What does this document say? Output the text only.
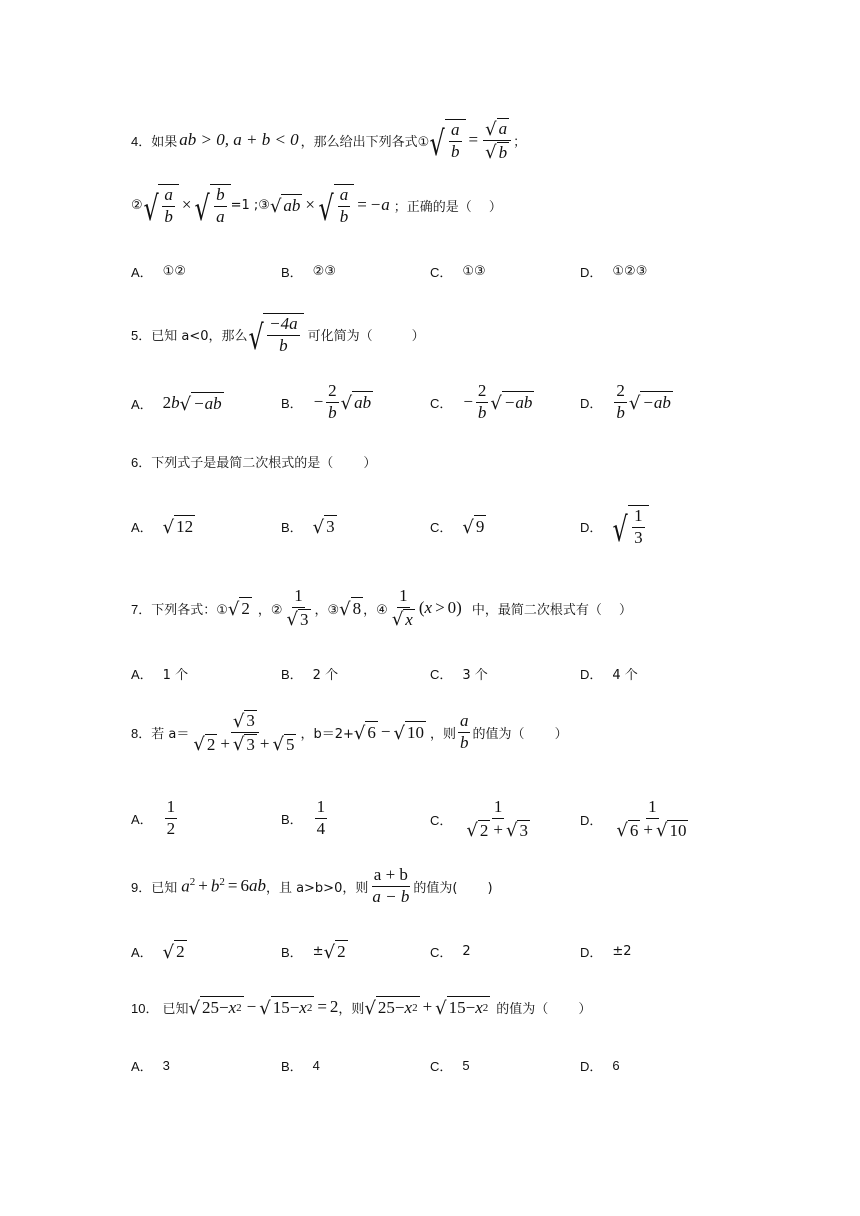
4． 如果 ab > 0, a + b < 0 ，那么给出下列各式① √ $\frac{a}{b} = \frac{√ a}{√ b}$ ；
② √ $\frac{a}{b}$ × √ $\frac{b}{a} =1$ ; ③ √ ab × √ $\frac{a}{b} = -a$ ；正确的是（　 ）
A． ①②	B． ②③	C． ①③	D． ①②③
5． 已知 a<0，那么 √ $\frac{-4a}{b}$ 可化简为（　　　）
A． 2 b √ −ab	B． − $\frac{2}{b}$ √ ab	C． − $\frac{2}{b}$ √ −ab	D． $\frac{2}{b}$ √ −ab
6． 下列式子是最简二次根式的是（　　 ）
A． √ 12	B． √ 3	C． √ 9	D． √ $\frac{1}{3}$
7． 下列各式：① √ 2 ，② $\frac{1}{√ 3}$ ，③ √ 8 ，④ $\frac{1}{√ x}$ ( x > 0) 中，最简二次根式有（　 ）
A． 1 个	B． 2 个	C． 3 个	D． 4 个
8． 若 $a= \frac{√ 3}{√ 2 + √ 3 + √ 5}$ ，b＝2+ √ 6 − √ 10 ，则 $\frac{a}{b}$ 的值为（　　 ）
A． $\frac{1}{2}$	B． $\frac{1}{4}$	C． $\frac{1}{√ 2 + √ 3}$	D． $\frac{1}{√ 6 + √ 10}$
9． 已知 $a^2 + b^2 = 6$ ab ，且 a>b>0，则 $\frac{a + b}{a - b}$ 的值为(　　 )
A． √ 2	B． ± √ 2	C． 2	D． ±2
10． 已知 √ 25− x 2 − √ 15− x 2 = 2 ，则 √ 25− x 2 + √ 15− x 2 的值为（　　 ）
A． 3	B． 4	C． 5	D． 6
